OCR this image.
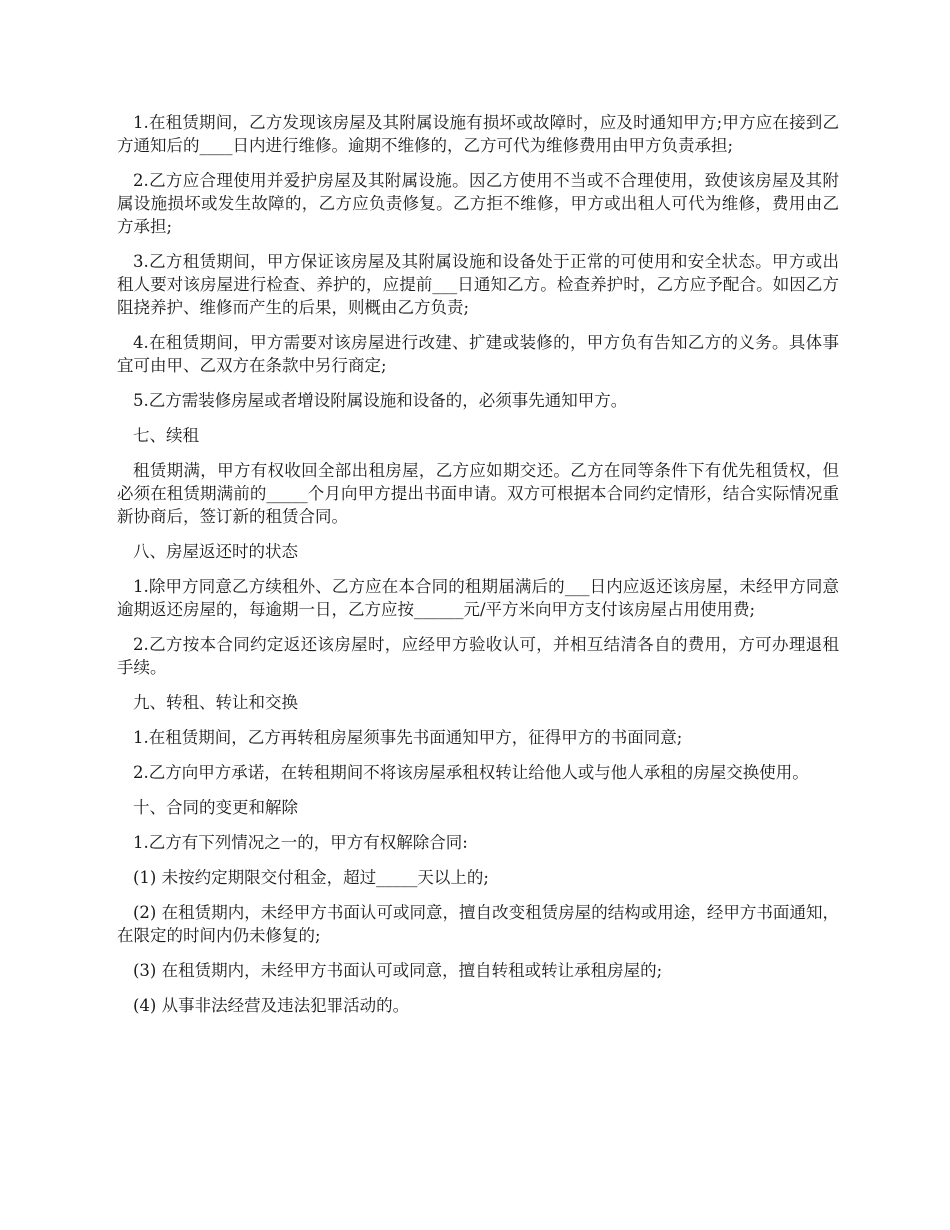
1.在租赁期间，乙方发现该房屋及其附属设施有损坏或故障时，应及时通知甲方;甲方应在接到乙方通知后的____日内进行维修。逾期不维修的，乙方可代为维修费用由甲方负责承担;

2.乙方应合理使用并爱护房屋及其附属设施。因乙方使用不当或不合理使用，致使该房屋及其附属设施损坏或发生故障的，乙方应负责修复。乙方拒不维修，甲方或出租人可代为维修，费用由乙方承担;

3.乙方租赁期间，甲方保证该房屋及其附属设施和设备处于正常的可使用和安全状态。甲方或出租人要对该房屋进行检查、养护的，应提前___日通知乙方。检查养护时，乙方应予配合。如因乙方阻挠养护、维修而产生的后果，则概由乙方负责;

4.在租赁期间，甲方需要对该房屋进行改建、扩建或装修的，甲方负有告知乙方的义务。具体事宜可由甲、乙双方在条款中另行商定;

5.乙方需装修房屋或者增设附属设施和设备的，必须事先通知甲方。

七、续租

租赁期满，甲方有权收回全部出租房屋，乙方应如期交还。乙方在同等条件下有优先租赁权，但必须在租赁期满前的_____个月向甲方提出书面申请。双方可根据本合同约定情形，结合实际情况重新协商后，签订新的租赁合同。

八、房屋返还时的状态

1.除甲方同意乙方续租外、乙方应在本合同的租期届满后的___日内应返还该房屋，未经甲方同意逾期返还房屋的，每逾期一日，乙方应按______元/平方米向甲方支付该房屋占用使用费;

2.乙方按本合同约定返还该房屋时，应经甲方验收认可，并相互结清各自的费用，方可办理退租手续。

九、转租、转让和交换

1.在租赁期间，乙方再转租房屋须事先书面通知甲方，征得甲方的书面同意;

2.乙方向甲方承诺，在转租期间不将该房屋承租权转让给他人或与他人承租的房屋交换使用。

十、合同的变更和解除

1.乙方有下列情况之一的，甲方有权解除合同:

(1) 未按约定期限交付租金，超过_____天以上的;

(2) 在租赁期内，未经甲方书面认可或同意，擅自改变租赁房屋的结构或用途，经甲方书面通知，在限定的时间内仍未修复的;

(3) 在租赁期内，未经甲方书面认可或同意，擅自转租或转让承租房屋的;

(4) 从事非法经营及违法犯罪活动的。
